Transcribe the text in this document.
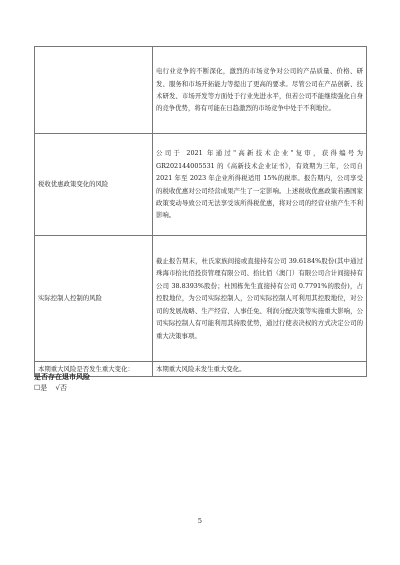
	电行业竞争的不断深化，激烈的市场竞争对公司的产品质量、价格、研发、服务和市场开拓能力等提出了更高的要求。尽管公司在产品创新、技术研发、市场开发等方面处于行业先进水平，但若公司不能继续强化自身的竞争优势，将有可能在日趋激烈的市场竞争中处于不利地位。

税收优惠政策变化的风险	公司于 2021 年通过"高新技术企业"复审，获得编号为GR202144005531 的《高新技术企业证书》，有效期为三年，公司自 2021 年至 2023 年企业所得税适用 15%的税率。报告期内，公司享受的税收优惠对公司经营成果产生了一定影响。上述税收优惠政策若遇国家政策变动导致公司无法享受该所得税优惠，将对公司的经营业绩产生不利影响。

实际控制人控制的风险	截止报告期末，杜氏家族间接或直接持有公司 39.6184%股份(其中通过珠海市拾比佰投资管理有限公司、拾比佰（澳门）有限公司合计间接持有公司 38.8393%股份；杜国栋先生直接持有公司 0.7791%的股份)，占控股地位，为公司实际控制人，公司实际控制人可利用其控股地位，对公司的发展战略、生产经营、人事任免、利润分配决策等实施重大影响，公司实际控制人有可能利用其持股优势，通过行使表决权的方式决定公司的重大决策事项。

本期重大风险是否发生重大变化：	本期重大风险未发生重大变化。

是否存在退市风险
☐是 √否
5
